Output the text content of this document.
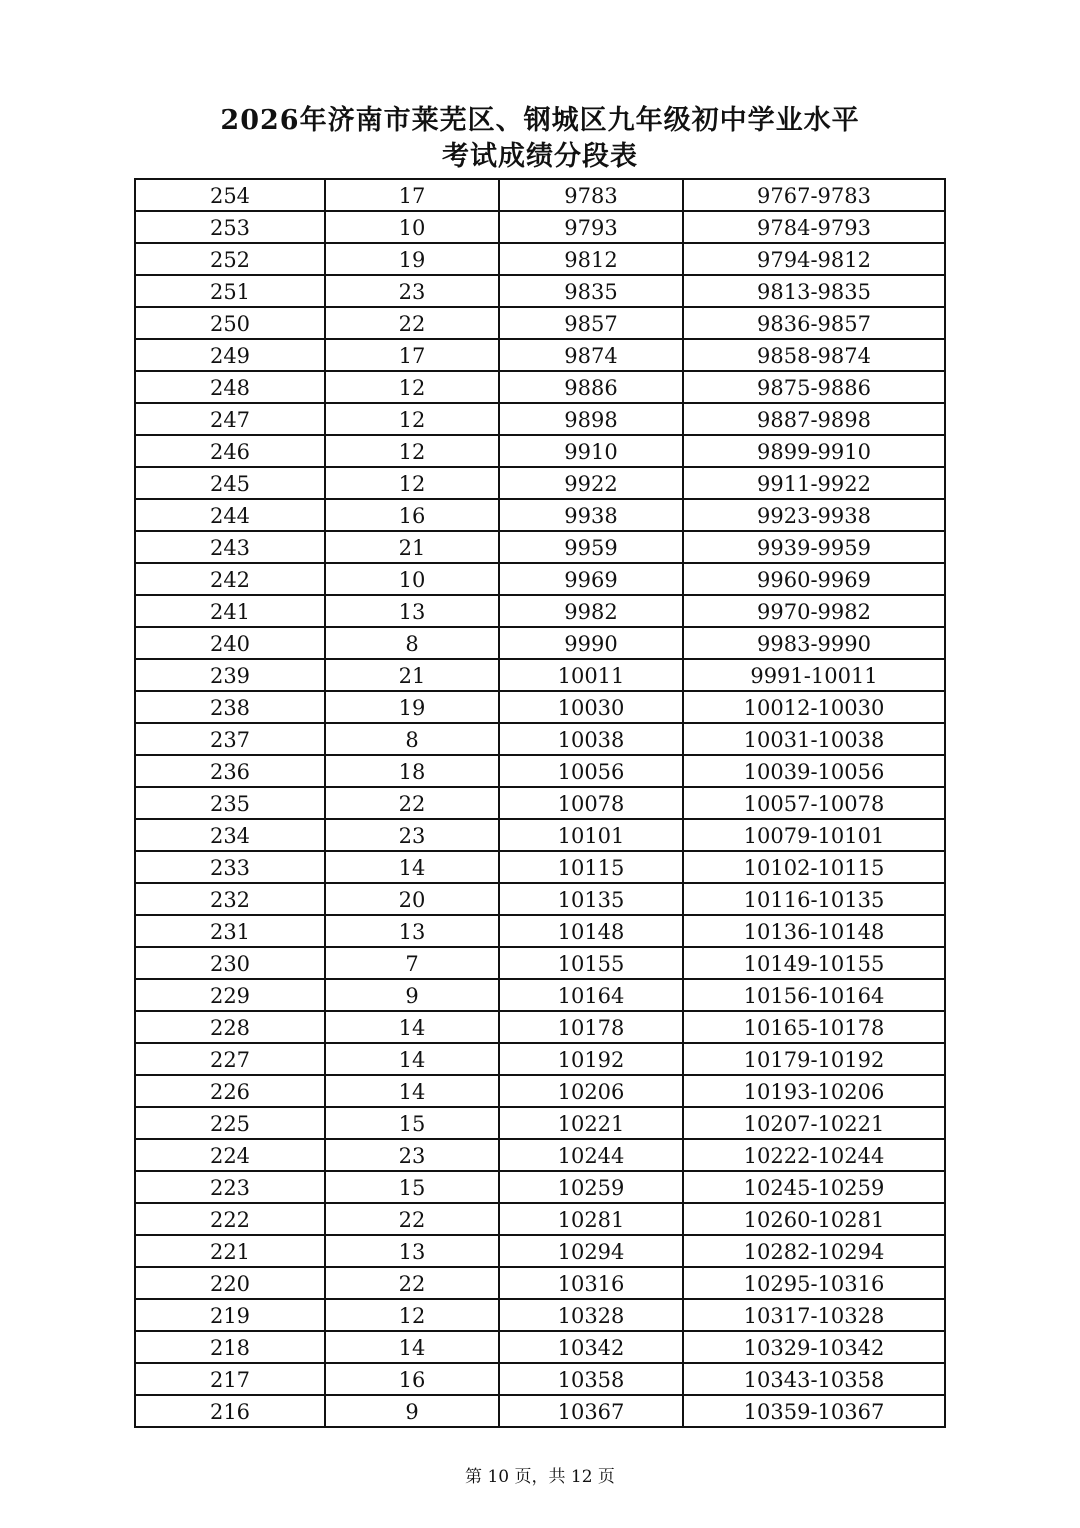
2026年济南市莱芜区、钢城区九年级初中学业水平
考试成绩分段表
254	17	9783	9767-9783
253	10	9793	9784-9793
252	19	9812	9794-9812
251	23	9835	9813-9835
250	22	9857	9836-9857
249	17	9874	9858-9874
248	12	9886	9875-9886
247	12	9898	9887-9898
246	12	9910	9899-9910
245	12	9922	9911-9922
244	16	9938	9923-9938
243	21	9959	9939-9959
242	10	9969	9960-9969
241	13	9982	9970-9982
240	8	9990	9983-9990
239	21	10011	9991-10011
238	19	10030	10012-10030
237	8	10038	10031-10038
236	18	10056	10039-10056
235	22	10078	10057-10078
234	23	10101	10079-10101
233	14	10115	10102-10115
232	20	10135	10116-10135
231	13	10148	10136-10148
230	7	10155	10149-10155
229	9	10164	10156-10164
228	14	10178	10165-10178
227	14	10192	10179-10192
226	14	10206	10193-10206
225	15	10221	10207-10221
224	23	10244	10222-10244
223	15	10259	10245-10259
222	22	10281	10260-10281
221	13	10294	10282-10294
220	22	10316	10295-10316
219	12	10328	10317-10328
218	14	10342	10329-10342
217	16	10358	10343-10358
216	9	10367	10359-10367
第 10 页，共 12 页
